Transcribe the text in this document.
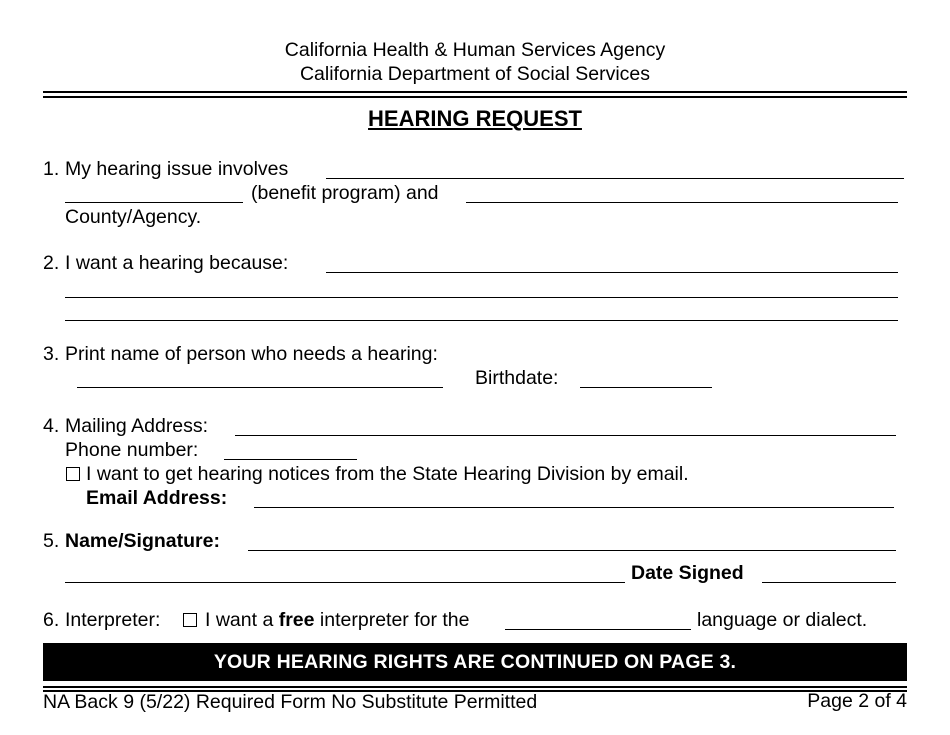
California Health & Human Services Agency
California Department of Social Services
HEARING REQUEST
1. My hearing issue involves
(benefit program) and
County/Agency.
2. I want a hearing because:
3. Print name of person who needs a hearing:
Birthdate:
4. Mailing Address:
Phone number:
I want to get hearing notices from the State Hearing Division by email.
Email Address:
5. Name/Signature:
Date Signed
6. Interpreter: I want a free interpreter for the	language or dialect.
YOUR HEARING RIGHTS ARE CONTINUED ON PAGE 3.
NA Back 9 (5/22) Required Form No Substitute Permitted	Page 2 of 4
